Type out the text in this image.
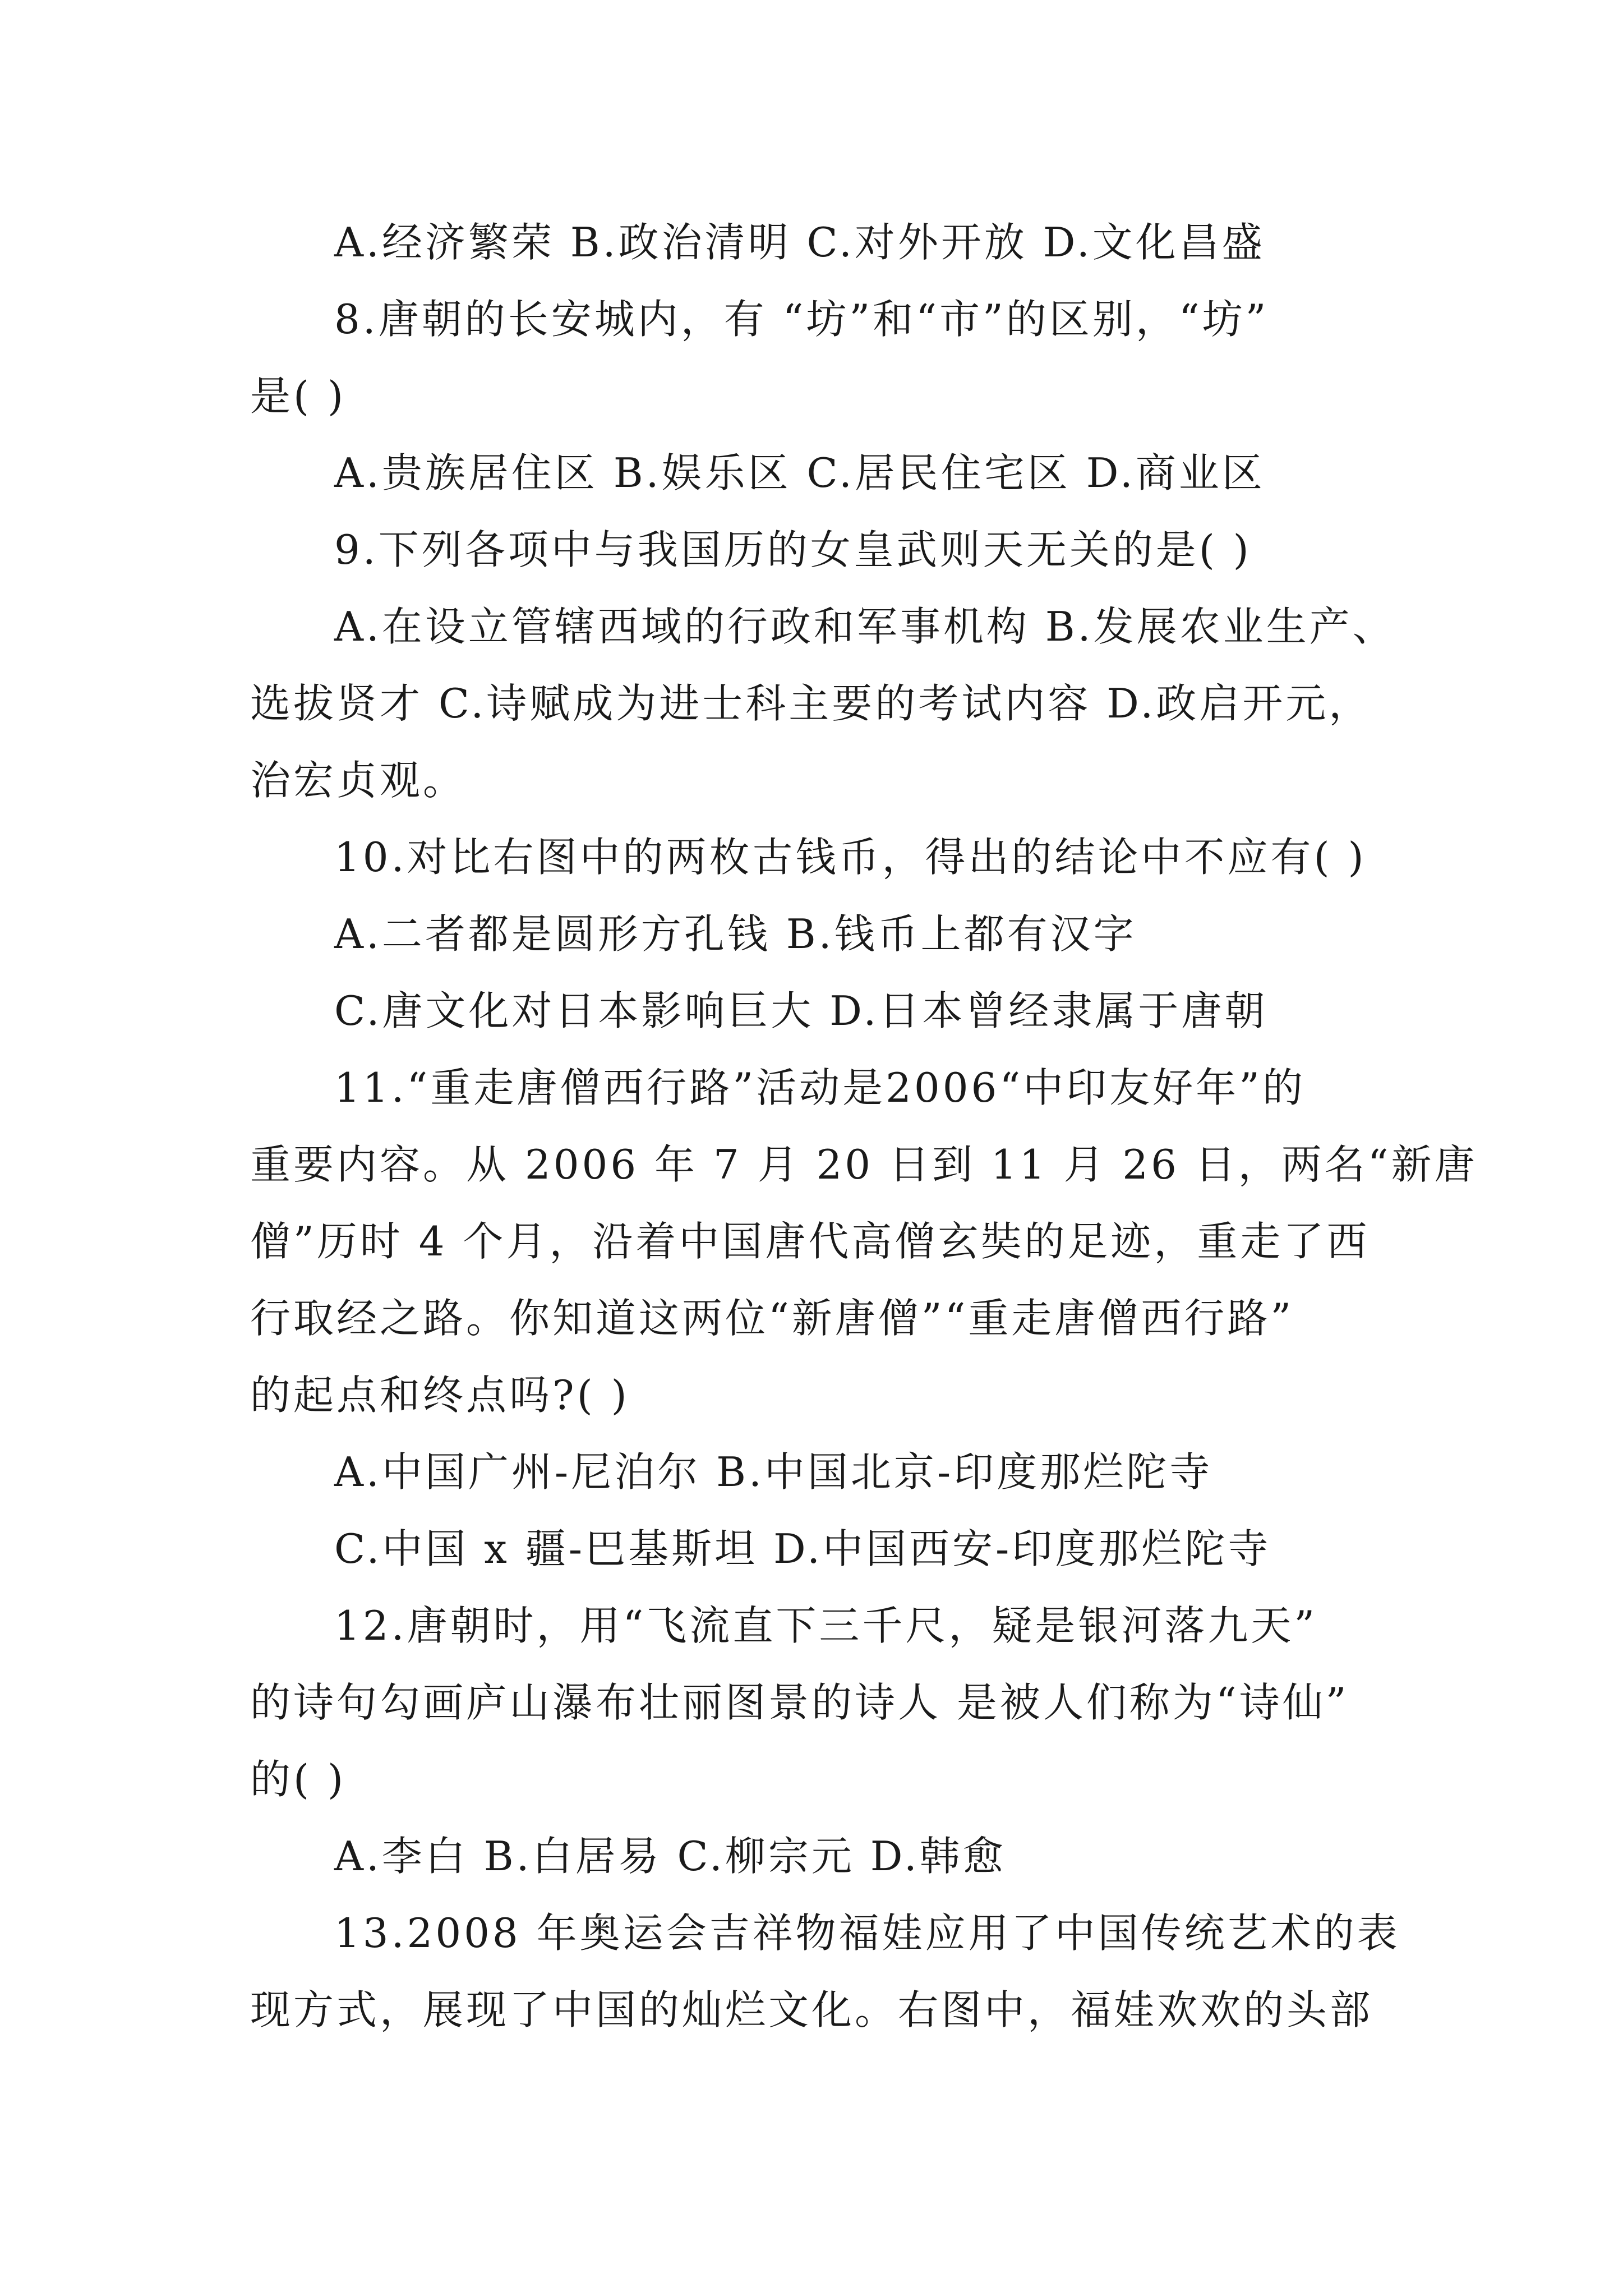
A.经济繁荣 B.政治清明 C.对外开放 D.文化昌盛
8.唐朝的长安城内，有 “坊”和“市”的区别，“坊”
是( )
A.贵族居住区 B.娱乐区 C.居民住宅区 D.商业区
9.下列各项中与我国历的女皇武则天无关的是( )
A.在设立管辖西域的行政和军事机构 B.发展农业生产、
选拔贤才 C.诗赋成为进士科主要的考试内容 D.政启开元，
治宏贞观。
10.对比右图中的两枚古钱币，得出的结论中不应有( )
A.二者都是圆形方孔钱 B.钱币上都有汉字
C.唐文化对日本影响巨大 D.日本曾经隶属于唐朝
11.“重走唐僧西行路”活动是2006“中印友好年”的
重要内容。从 2006 年 7 月 20 日到 11 月 26 日，两名“新唐
僧”历时 4 个月，沿着中国唐代高僧玄奘的足迹，重走了西
行取经之路。你知道这两位“新唐僧”“重走唐僧西行路”
的起点和终点吗?( )
A.中国广州-尼泊尔 B.中国北京-印度那烂陀寺
C.中国 x 疆-巴基斯坦 D.中国西安-印度那烂陀寺
12.唐朝时，用“飞流直下三千尺，疑是银河落九天”
的诗句勾画庐山瀑布壮丽图景的诗人 是被人们称为“诗仙”
的( )
A.李白 B.白居易 C.柳宗元 D.韩愈
13.2008 年奥运会吉祥物福娃应用了中国传统艺术的表
现方式，展现了中国的灿烂文化。右图中，福娃欢欢的头部
